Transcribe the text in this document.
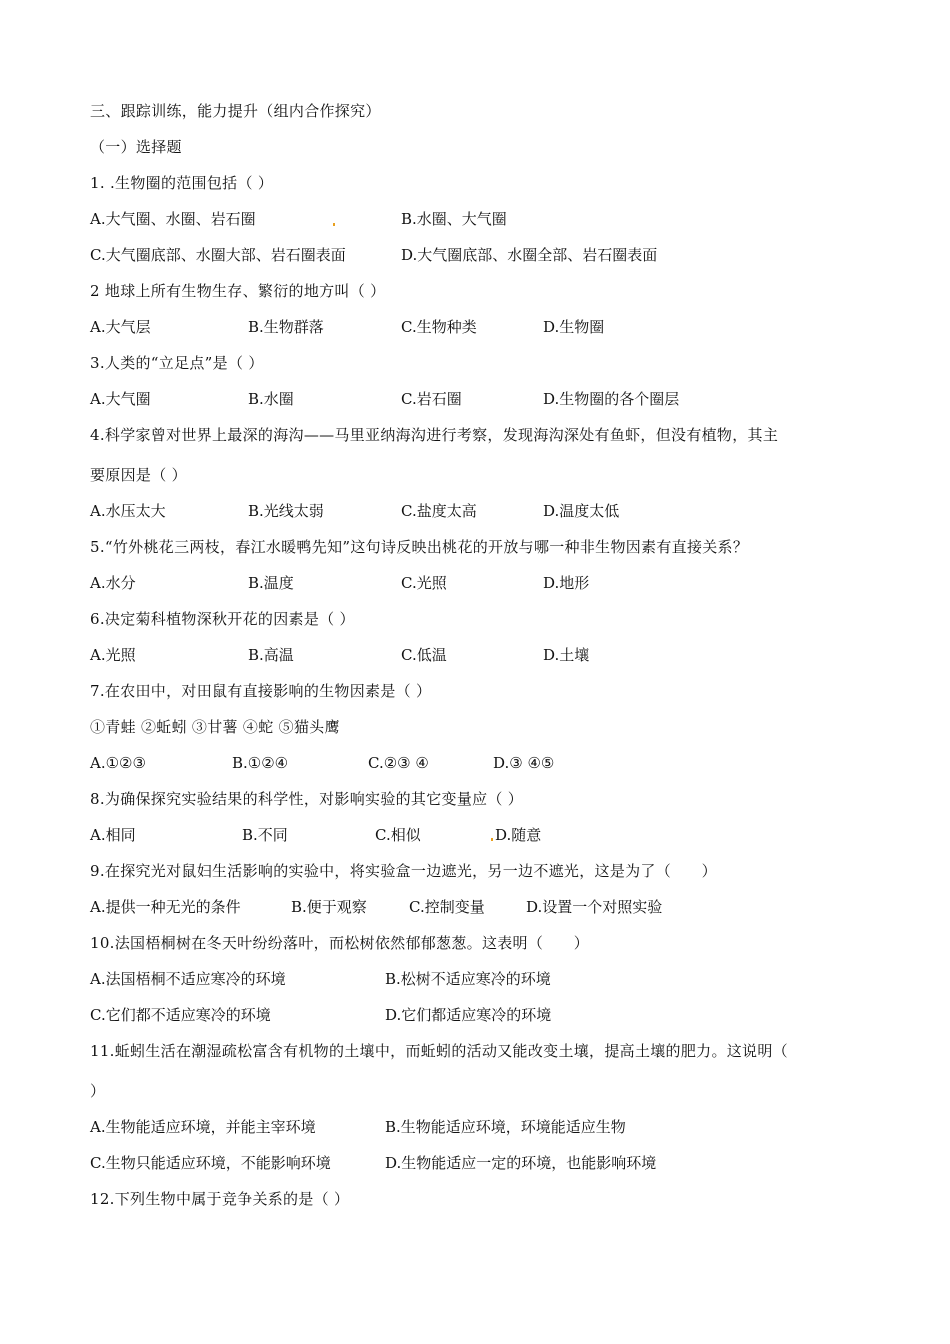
三、跟踪训练，能力提升（组内合作探究）
（一）选择题
1. .生物圈的范围包括（ ）
A.大气圈、水圈、岩石圈	B.水圈、大气圈
C.大气圈底部、水圈大部、岩石圈表面	D.大气圈底部、水圈全部、岩石圈表面
2 地球上所有生物生存、繁衍的地方叫（ ）
A.大气层	B.生物群落	C.生物种类	D.生物圈
3.人类的“立足点”是（ ）
A.大气圈	B.水圈	C.岩石圈	D.生物圈的各个圈层
4.科学家曾对世界上最深的海沟——马里亚纳海沟进行考察，发现海沟深处有鱼虾，但没有植物，其主
要原因是（ ）
A.水压太大	B.光线太弱	C.盐度太高	D.温度太低
5.“竹外桃花三两枝，春江水暖鸭先知”这句诗反映出桃花的开放与哪一种非生物因素有直接关系？
A.水分	B.温度	C.光照	D.地形
6.决定菊科植物深秋开花的因素是（ ）
A.光照	B.高温	C.低温	D.土壤
7.在农田中，对田鼠有直接影响的生物因素是（ ）
①青蛙 ②蚯蚓 ③甘薯 ④蛇 ⑤猫头鹰
A.①②③	B.①②④	C.②③ ④	D.③ ④⑤
8.为确保探究实验结果的科学性，对影响实验的其它变量应（ ）
A.相同	B.不同	C.相似	D.随意
9.在探究光对鼠妇生活影响的实验中，将实验盒一边遮光，另一边不遮光，这是为了（　　）
A.提供一种无光的条件	B.便于观察	C.控制变量	D.设置一个对照实验
10.法国梧桐树在冬天叶纷纷落叶，而松树依然郁郁葱葱。这表明（　　）
A.法国梧桐不适应寒冷的环境	B.松树不适应寒冷的环境
C.它们都不适应寒冷的环境	D.它们都适应寒冷的环境
11.蚯蚓生活在潮湿疏松富含有机物的土壤中，而蚯蚓的活动又能改变土壤，提高土壤的肥力。这说明（
）
A.生物能适应环境，并能主宰环境	B.生物能适应环境，环境能适应生物
C.生物只能适应环境，不能影响环境	D.生物能适应一定的环境，也能影响环境
12.下列生物中属于竞争关系的是（ ）
